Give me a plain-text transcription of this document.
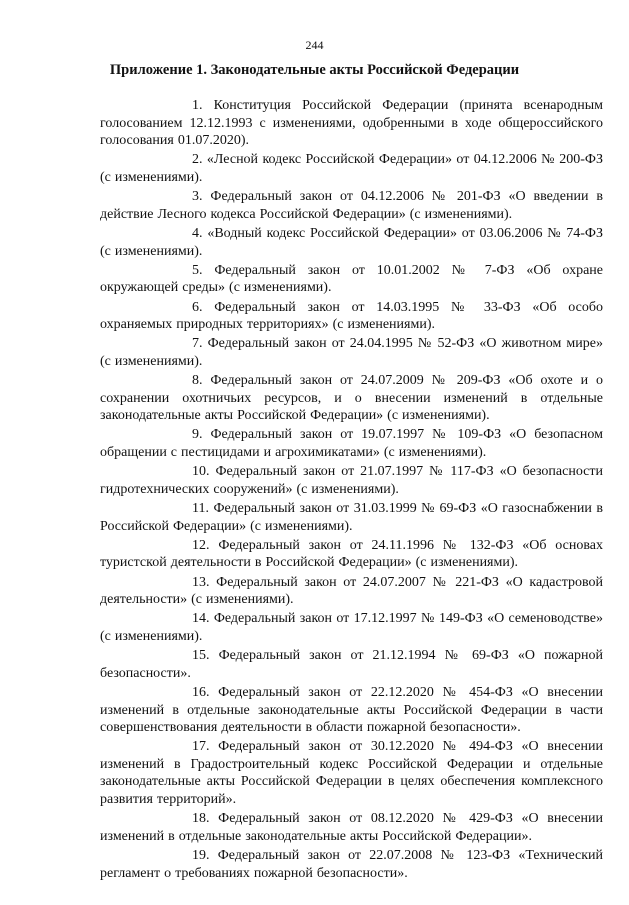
244
Приложение 1. Законодательные акты Российской Федерации

1. Конституция Российской Федерации (принята всенародным голосованием 12.12.1993 с изменениями, одобренными в ходе общероссийского голосования 01.07.2020).

2. «Лесной кодекс Российской Федерации» от 04.12.2006 № 200-ФЗ (с изменениями).

3. Федеральный закон от 04.12.2006 № 201-ФЗ «О введении в действие Лесного кодекса Российской Федерации» (с изменениями).

4. «Водный кодекс Российской Федерации» от 03.06.2006 № 74-ФЗ (с изменениями).

5. Федеральный закон от 10.01.2002 № 7-ФЗ «Об охране окружающей среды» (с изменениями).

6. Федеральный закон от 14.03.1995 № 33-ФЗ «Об особо охраняемых природных территориях» (с изменениями).

7. Федеральный закон от 24.04.1995 № 52-ФЗ «О животном мире» (с изменениями).

8. Федеральный закон от 24.07.2009 № 209-ФЗ «Об охоте и о сохранении охотничьих ресурсов, и о внесении изменений в отдельные законодательные акты Российской Федерации» (с изменениями).

9. Федеральный закон от 19.07.1997 № 109-ФЗ «О безопасном обращении с пестицидами и агрохимикатами» (с изменениями).

10. Федеральный закон от 21.07.1997 № 117-ФЗ «О безопасности гидротехнических сооружений» (с изменениями).

11. Федеральный закон от 31.03.1999 № 69-ФЗ «О газоснабжении в Российской Федерации» (с изменениями).

12. Федеральный закон от 24.11.1996 № 132-ФЗ «Об основах туристской деятельности в Российской Федерации» (с изменениями).

13. Федеральный закон от 24.07.2007 № 221-ФЗ «О кадастровой деятельности» (с изменениями).

14. Федеральный закон от 17.12.1997 № 149-ФЗ «О семеноводстве» (с изменениями).

15. Федеральный закон от 21.12.1994 № 69-ФЗ «О пожарной безопасности».

16. Федеральный закон от 22.12.2020 № 454-ФЗ «О внесении изменений в отдельные законодательные акты Российской Федерации в части совершенствования деятельности в области пожарной безопасности».

17. Федеральный закон от 30.12.2020 № 494-ФЗ «О внесении изменений в Градостроительный кодекс Российской Федерации и отдельные законодательные акты Российской Федерации в целях обеспечения комплексного развития территорий».

18. Федеральный закон от 08.12.2020 № 429-ФЗ «О внесении изменений в отдельные законодательные акты Российской Федерации».

19. Федеральный закон от 22.07.2008 № 123-ФЗ «Технический регламент о требованиях пожарной безопасности».
